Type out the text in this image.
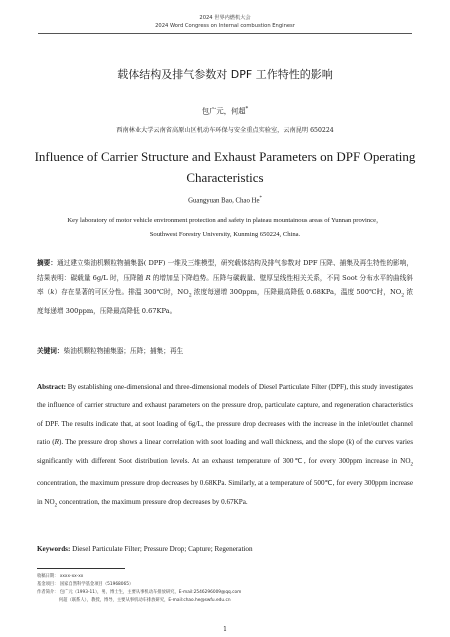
2024 世界内燃机大会
2024 Word Congress on Internal combustion Enginesr
载体结构及排气参数对 DPF 工作特性的影响
包广元，何超*
西南林业大学云南省高原山区机动车环保与安全重点实验室，云南昆明 650224
Influence of Carrier Structure and Exhaust Parameters on DPF Operating
Characteristics
Guangyuan Bao, Chao He*
Key laboratory of motor vehicle environment protection and safety in plateau mountainous areas of Yunnan province，
Southwest Forestry University, Kunming 650224, China.
摘要：通过建立柴油机颗粒物捕集器( DPF) 一维及三维模型，研究载体结构及排气参数对 DPF 压降、捕集及再生特性的影响，结果表明：碳载量 6g/L 时，压降随 R 的增加呈下降趋势。压降与碳载量、壁厚呈线性相关关系，不同 Soot 分布水平的曲线斜率（k）存在显著的可区分性。排温 300℃时，$NO_2$ 浓度每递增 300ppm，压降最高降低 0.68KPa，温度 500℃时，$NO_2$ 浓度每递增 300ppm，压降最高降低 0.67KPa。
关键词：柴油机颗粒物捕集器；压降；捕集；再生
Abstract: By establishing one-dimensional and three-dimensional models of Diesel Particulate Filter (DPF), this study investigates the influence of carrier structure and exhaust parameters on the pressure drop, particulate capture, and regeneration characteristics of DPF. The results indicate that, at soot loading of 6g/L, the pressure drop decreases with the increase in the inlet/outlet channel ratio (R). The pressure drop shows a linear correlation with soot loading and wall thickness, and the slope (k) of the curves varies significantly with different Soot distribution levels. At an exhaust temperature of 300℃, for every 300ppm increase in $NO_2$ concentration, the maximum pressure drop decreases by 0.68KPa. Similarly, at a temperature of 500℃, for every 300ppm increase in $NO_2$ concentration, the maximum pressure drop decreases by 0.67KPa.
Keywords: Diesel Particulate Filter; Pressure Drop; Capture; Regeneration
收稿日期： xxxx-xx-xx
基金项目： 国家自然科学基金项目（51968065）
作者简介： 包广元（1993-11），男，博士生，主要从事机动车排放研究，E-mail:2546296009@qq.com
何超（联系人），教授，博导，主要从事机动车排放研究，E-mail:chao.he@swfu.edu.cn
1
